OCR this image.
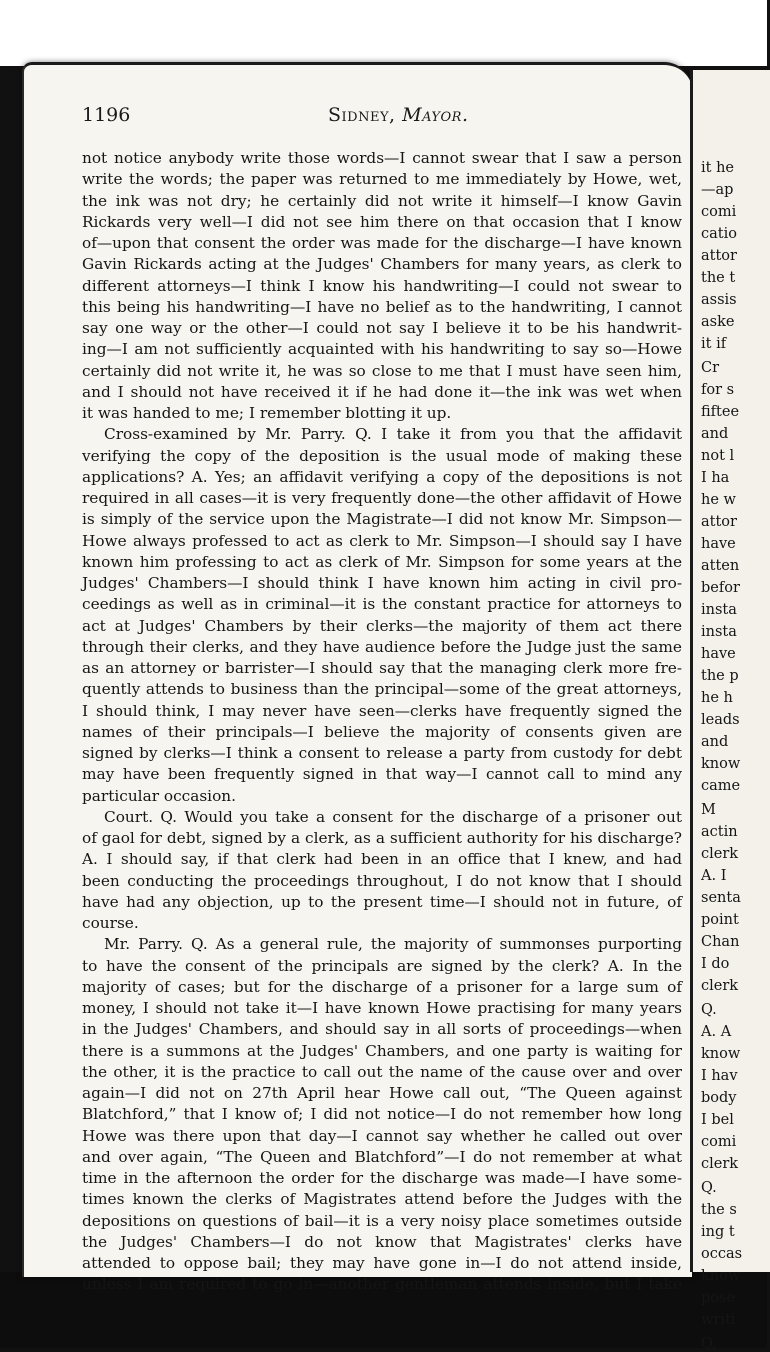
1196	Sidney, Mayor.
not notice anybody write those words—I cannot swear that I saw a person
write the words; the paper was returned to me immediately by Howe, wet,
the ink was not dry; he certainly did not write it himself—I know Gavin
Rickards very well—I did not see him there on that occasion that I know
of—upon that consent the order was made for the discharge—I have known
Gavin Rickards acting at the Judges' Chambers for many years, as clerk to
different attorneys—I think I know his handwriting—I could not swear to
this being his handwriting—I have no belief as to the handwriting, I cannot
say one way or the other—I could not say I believe it to be his handwrit-
ing—I am not sufficiently acquainted with his handwriting to say so—Howe
certainly did not write it, he was so close to me that I must have seen him,
and I should not have received it if he had done it—the ink was wet when
it was handed to me; I remember blotting it up.
Cross-examined by Mr. Parry. Q. I take it from you that the affidavit
verifying the copy of the deposition is the usual mode of making these
applications? A. Yes; an affidavit verifying a copy of the depositions is not
required in all cases—it is very frequently done—the other affidavit of Howe
is simply of the service upon the Magistrate—I did not know Mr. Simpson—
Howe always professed to act as clerk to Mr. Simpson—I should say I have
known him professing to act as clerk of Mr. Simpson for some years at the
Judges' Chambers—I should think I have known him acting in civil pro-
ceedings as well as in criminal—it is the constant practice for attorneys to
act at Judges' Chambers by their clerks—the majority of them act there
through their clerks, and they have audience before the Judge just the same
as an attorney or barrister—I should say that the managing clerk more fre-
quently attends to business than the principal—some of the great attorneys,
I should think, I may never have seen—clerks have frequently signed the
names of their principals—I believe the majority of consents given are
signed by clerks—I think a consent to release a party from custody for debt
may have been frequently signed in that way—I cannot call to mind any
particular occasion.
Court. Q. Would you take a consent for the discharge of a prisoner out
of gaol for debt, signed by a clerk, as a sufficient authority for his discharge?
A. I should say, if that clerk had been in an office that I knew, and had
been conducting the proceedings throughout, I do not know that I should
have had any objection, up to the present time—I should not in future, of
course.
Mr. Parry. Q. As a general rule, the majority of summonses purporting
to have the consent of the principals are signed by the clerk? A. In the
majority of cases; but for the discharge of a prisoner for a large sum of
money, I should not take it—I have known Howe practising for many years
in the Judges' Chambers, and should say in all sorts of proceedings—when
there is a summons at the Judges' Chambers, and one party is waiting for
the other, it is the practice to call out the name of the cause over and over
again—I did not on 27th April hear Howe call out, “The Queen against
Blatchford,” that I know of; I did not notice—I do not remember how long
Howe was there upon that day—I cannot say whether he called out over
and over again, “The Queen and Blatchford”—I do not remember at what
time in the afternoon the order for the discharge was made—I have some-
times known the clerks of Magistrates attend before the Judges with the
depositions on questions of bail—it is a very noisy place sometimes outside
the Judges' Chambers—I do not know that Magistrates' clerks have
attended to oppose bail; they may have gone in—I do not attend inside,
unless I am required to go in—another gentleman attends inside, but I take
it he
—ap
comi
catio
attor
the t
assis
aske
it if
Cr
for s
fiftee
and
not l
I ha
he w
attor
have
atten
befor
insta
insta
have
the p
he h
leads
and
know
came
M
actin
clerk
A. I
senta
point
Chan
I do
clerk
Q.
A. A
know
I hav
body
I bel
comi
clerk
Q.
the s
ing t
occas
know
pose
writi
Q.
